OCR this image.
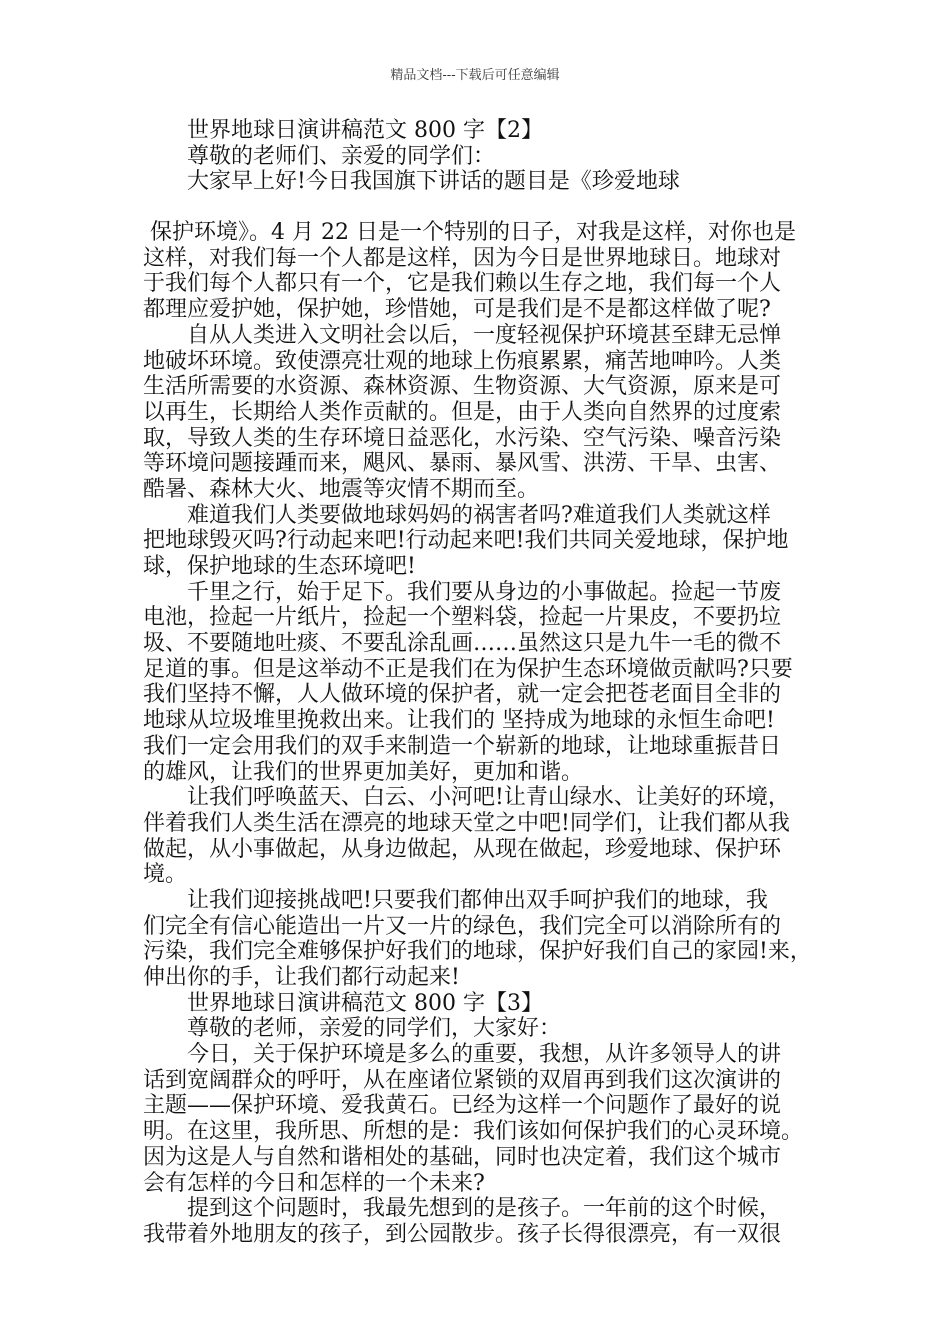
精品文档---下载后可任意编辑
　　世界地球日演讲稿范文 800 字【2】
　　尊敬的老师们、亲爱的同学们：
　　大家早上好!今日我国旗下讲话的题目是《珍爱地球
保护环境》。4 月 22 日是一个特别的日子，对我是这样，对你也是
这样，对我们每一个人都是这样，因为今日是世界地球日。地球对
于我们每个人都只有一个，它是我们赖以生存之地，我们每一个人
都理应爱护她，保护她，珍惜她，可是我们是不是都这样做了呢?
　　自从人类进入文明社会以后，一度轻视保护环境甚至肆无忌惮
地破坏环境。致使漂亮壮观的地球上伤痕累累，痛苦地呻吟。人类
生活所需要的水资源、森林资源、生物资源、大气资源，原来是可
以再生，长期给人类作贡献的。但是，由于人类向自然界的过度索
取，导致人类的生存环境日益恶化，水污染、空气污染、噪音污染
等环境问题接踵而来，飓风、暴雨、暴风雪、洪涝、干旱、虫害、
酷暑、森林大火、地震等灾情不期而至。
　　难道我们人类要做地球妈妈的祸害者吗?难道我们人类就这样
把地球毁灭吗?行动起来吧!行动起来吧!我们共同关爱地球，保护地
球，保护地球的生态环境吧!
　　千里之行，始于足下。我们要从身边的小事做起。捡起一节废
电池，捡起一片纸片，捡起一个塑料袋，捡起一片果皮，不要扔垃
圾、不要随地吐痰、不要乱涂乱画……虽然这只是九牛一毛的微不
足道的事。但是这举动不正是我们在为保护生态环境做贡献吗?只要
我们坚持不懈，人人做环境的保护者，就一定会把苍老面目全非的
地球从垃圾堆里挽救出来。让我们的 坚持成为地球的永恒生命吧!
我们一定会用我们的双手来制造一个崭新的地球，让地球重振昔日
的雄风，让我们的世界更加美好，更加和谐。
　　让我们呼唤蓝天、白云、小河吧!让青山绿水、让美好的环境，
伴着我们人类生活在漂亮的地球天堂之中吧!同学们，让我们都从我
做起，从小事做起，从身边做起，从现在做起，珍爱地球、保护环
境。
　　让我们迎接挑战吧!只要我们都伸出双手呵护我们的地球，我
们完全有信心能造出一片又一片的绿色，我们完全可以消除所有的
污染，我们完全难够保护好我们的地球，保护好我们自己的家园!来，
伸出你的手，让我们都行动起来!
　　世界地球日演讲稿范文 800 字【3】
　　尊敬的老师，亲爱的同学们，大家好：
　　今日，关于保护环境是多么的重要，我想，从许多领导人的讲
话到宽阔群众的呼吁，从在座诸位紧锁的双眉再到我们这次演讲的
主题——保护环境、爱我黄石。已经为这样一个问题作了最好的说
明。在这里，我所思、所想的是：我们该如何保护我们的心灵环境。
因为这是人与自然和谐相处的基础，同时也决定着，我们这个城市
会有怎样的今日和怎样的一个未来?
　　提到这个问题时，我最先想到的是孩子。一年前的这个时候，
我带着外地朋友的孩子，到公园散步。孩子长得很漂亮，有一双很
